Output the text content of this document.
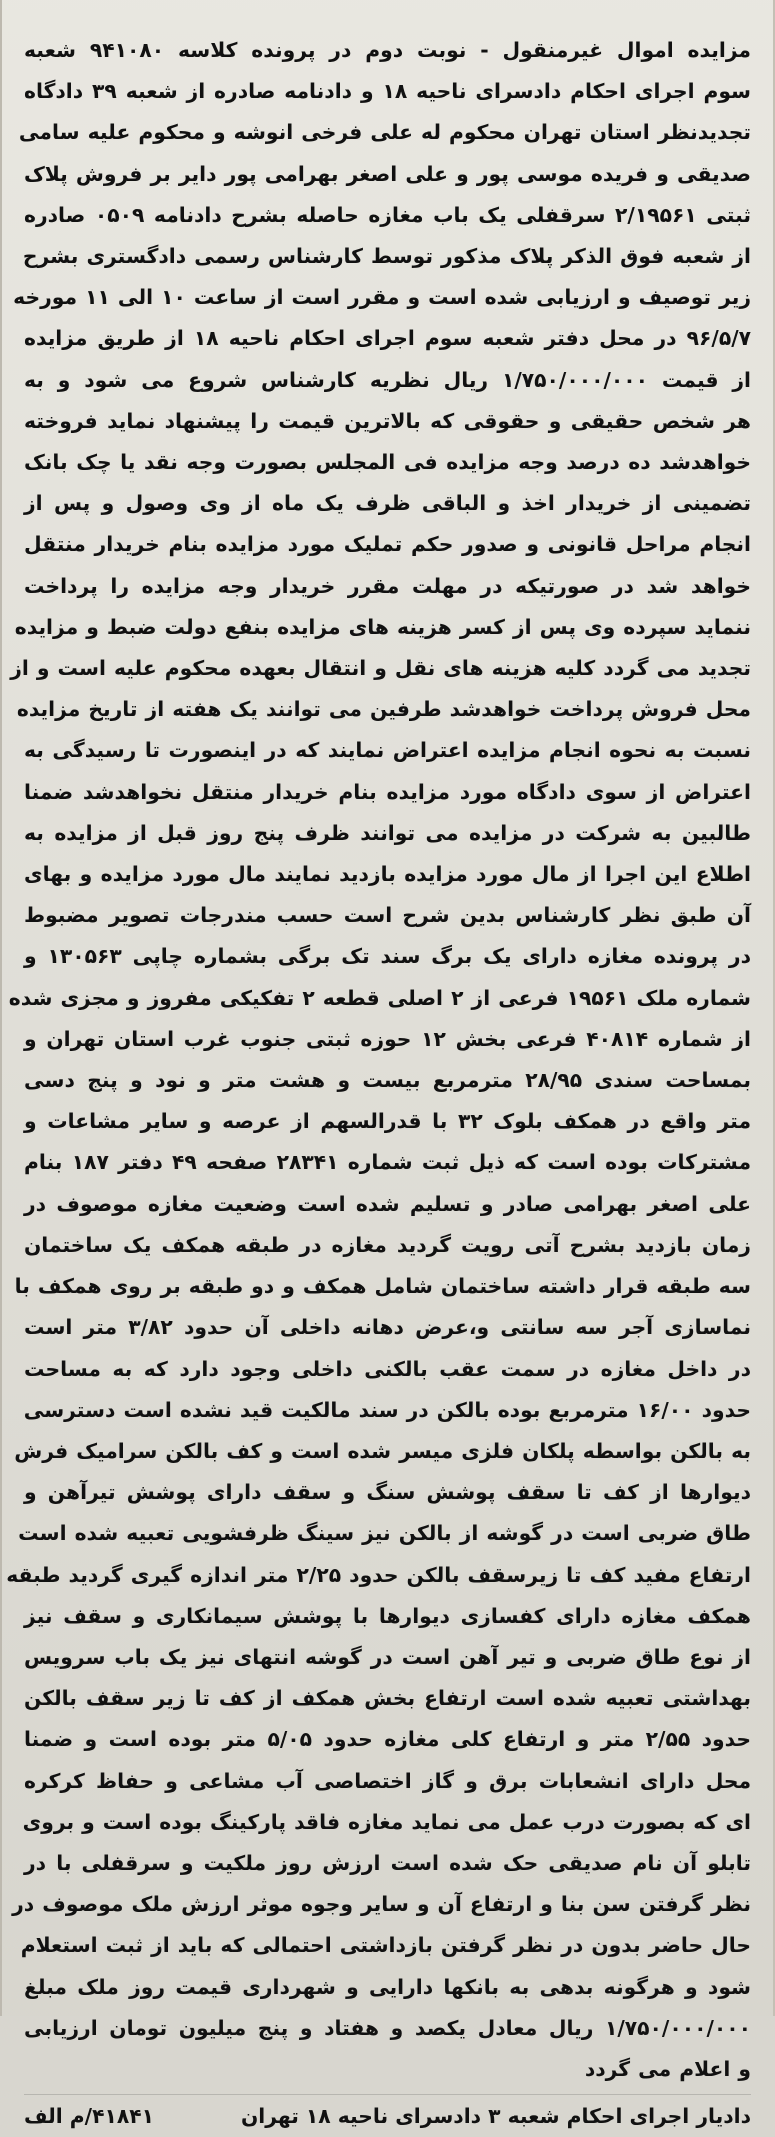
مزایده اموال غیرمنقول - نوبت دوم در پرونده کلاسه ۹۴۱۰۸۰ شعبه
سوم اجرای احکام دادسرای ناحیه ۱۸ و دادنامه صادره از شعبه ۳۹ دادگاه
تجدیدنظر استان تهران محکوم له علی فرخی انوشه و محکوم علیه سامی
صدیقی و فریده موسی پور و علی اصغر بهرامی پور دایر بر فروش پلاک
ثبتی ۲/۱۹۵۶۱ سرقفلی یک باب مغازه حاصله بشرح دادنامه ۰۵۰۹ صادره
از شعبه فوق الذکر پلاک مذکور توسط کارشناس رسمی دادگستری بشرح
زیر توصیف و ارزیابی شده است و مقرر است از ساعت ۱۰ الی ۱۱ مورخه
۹۶/۵/۷ در محل دفتر شعبه سوم اجرای احکام ناحیه ۱۸ از طریق مزایده
از قیمت ۱/۷۵۰/۰۰۰/۰۰۰ ریال نظریه کارشناس شروع می شود و به
هر شخص حقیقی و حقوقی که بالاترین قیمت را پیشنهاد نماید فروخته
خواهدشد ده درصد وجه مزایده فی المجلس بصورت وجه نقد یا چک بانک
تضمینی از خریدار اخذ و الباقی ظرف یک ماه از وی وصول و پس از
انجام مراحل قانونی و صدور حکم تملیک مورد مزایده بنام خریدار منتقل
خواهد شد در صورتیکه در مهلت مقرر خریدار وجه مزایده را پرداخت
ننماید سپرده وی پس از کسر هزینه های مزایده بنفع دولت ضبط و مزایده
تجدید می گردد کلیه هزینه های نقل و انتقال بعهده محکوم علیه است و از
محل فروش پرداخت خواهدشد طرفین می توانند یک هفته از تاریخ مزایده
نسبت به نحوه انجام مزایده اعتراض نمایند که در اینصورت تا رسیدگی به
اعتراض از سوی دادگاه مورد مزایده بنام خریدار منتقل نخواهدشد ضمنا
طالبین به شرکت در مزایده می توانند ظرف پنج روز قبل از مزایده به
اطلاع این اجرا از مال مورد مزایده بازدید نمایند مال مورد مزایده و بهای
آن طبق نظر کارشناس بدین شرح است حسب مندرجات تصویر مضبوط
در پرونده مغازه دارای یک برگ سند تک برگی بشماره چاپی ۱۳۰۵۶۳ و
شماره ملک ۱۹۵۶۱ فرعی از ۲ اصلی قطعه ۲ تفکیکی مفروز و مجزی شده
از شماره ۴۰۸۱۴ فرعی بخش ۱۲ حوزه ثبتی جنوب غرب استان تهران و
بمساحت سندی ۲۸/۹۵ مترمربع بیست و هشت متر و نود و پنج دسی
متر واقع در همکف بلوک ۳۲ با قدرالسهم از عرصه و سایر مشاعات و
مشترکات بوده است که ذیل ثبت شماره ۲۸۳۴۱ صفحه ۴۹ دفتر ۱۸۷ بنام
علی اصغر بهرامی صادر و تسلیم شده است وضعیت مغازه موصوف در
زمان بازدید بشرح آتی رویت گردید مغازه در طبقه همکف یک ساختمان
سه طبقه قرار داشته ساختمان شامل همکف و دو طبقه بر روی همکف با
نماسازی آجر سه سانتی و،عرض دهانه داخلی آن حدود ۳/۸۲ متر است
در داخل مغازه در سمت عقب بالکنی داخلی وجود دارد که به مساحت
حدود ۱۶/۰۰ مترمربع بوده بالکن در سند مالکیت قید نشده است دسترسی
به بالکن بواسطه پلکان فلزی میسر شده است و کف بالکن سرامیک فرش
دیوارها از کف تا سقف پوشش سنگ و سقف دارای پوشش تیرآهن و
طاق ضربی است در گوشه از بالکن نیز سینگ ظرفشویی تعبیه شده است
ارتفاع مفید کف تا زیرسقف بالکن حدود ۲/۲۵ متر اندازه گیری گردید طبقه
همکف مغازه دارای کفسازی دیوارها با پوشش سیمانکاری و سقف نیز
از نوع طاق ضربی و تیر آهن است در گوشه انتهای نیز یک باب سرویس
بهداشتی تعبیه شده است ارتفاع بخش همکف از کف تا زیر سقف بالکن
حدود ۲/۵۵ متر و ارتفاع کلی مغازه حدود ۵/۰۵ متر بوده است و ضمنا
محل دارای انشعابات برق و گاز اختصاصی آب مشاعی و حفاظ کرکره
ای که بصورت درب عمل می نماید مغازه فاقد پارکینگ بوده است و بروی
تابلو آن نام صدیقی حک شده است ارزش روز ملکیت و سرقفلی با در
نظر گرفتن سن بنا و ارتفاع آن و سایر وجوه موثر ارزش ملک موصوف در
حال حاضر بدون در نظر گرفتن بازداشتی احتمالی که باید از ثبت استعلام
شود و هرگونه بدهی به بانکها دارایی و شهرداری قیمت روز ملک مبلغ
۱/۷۵۰/۰۰۰/۰۰۰ ریال معادل یکصد و هفتاد و پنج میلیون تومان ارزیابی
و اعلام می گردد
دادیار اجرای احکام شعبه ۳ دادسرای ناحیه ۱۸ تهران
۴۱۸۴۱/م الف
